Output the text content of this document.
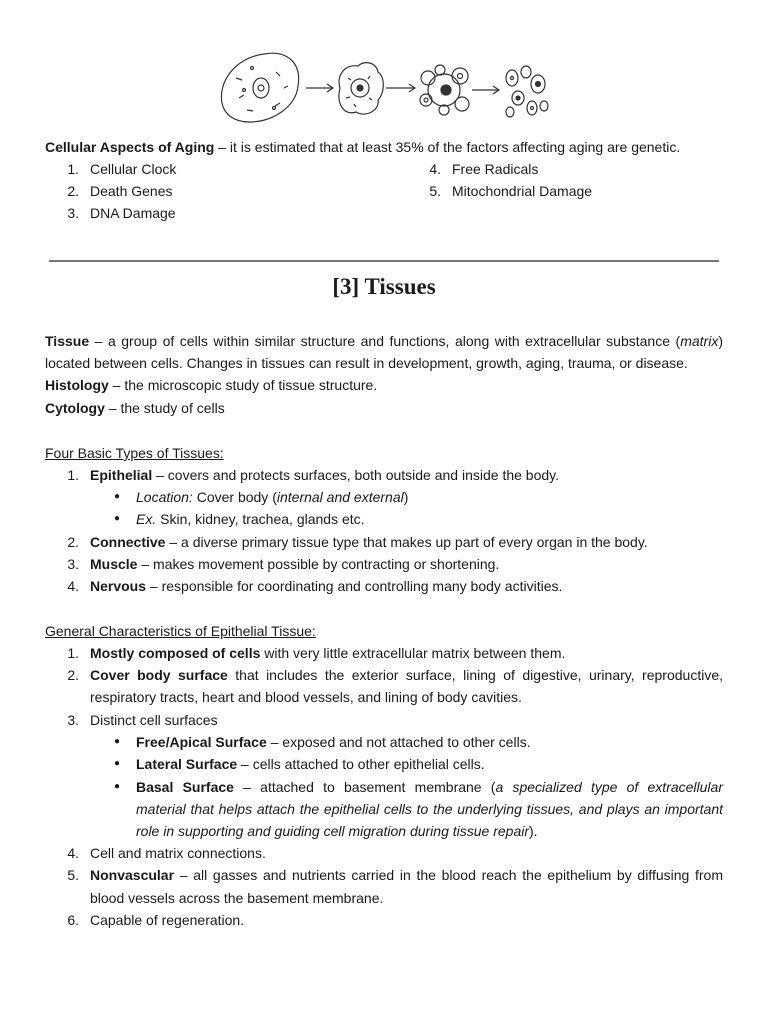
Cellular Aspects of Aging – it is estimated that at least 35% of the factors affecting aging are genetic.
1. Cellular Clock
2. Death Genes
3. DNA Damage
4. Free Radicals
5. Mitochondrial Damage
[3] Tissues
Tissue – a group of cells within similar structure and functions, along with extracellular substance (matrix)
located between cells. Changes in tissues can result in development, growth, aging, trauma, or disease.
Histology – the microscopic study of tissue structure.
Cytology – the study of cells
Four Basic Types of Tissues:
1. Epithelial – covers and protects surfaces, both outside and inside the body.
● Location: Cover body (internal and external)
● Ex. Skin, kidney, trachea, glands etc.
2. Connective – a diverse primary tissue type that makes up part of every organ in the body.
3. Muscle – makes movement possible by contracting or shortening.
4. Nervous – responsible for coordinating and controlling many body activities.
General Characteristics of Epithelial Tissue:
1. Mostly composed of cells with very little extracellular matrix between them.
2. Cover body surface that includes the exterior surface, lining of digestive, urinary, reproductive,
respiratory tracts, heart and blood vessels, and lining of body cavities.
3. Distinct cell surfaces
● Free/Apical Surface – exposed and not attached to other cells.
● Lateral Surface – cells attached to other epithelial cells.
● Basal Surface – attached to basement membrane (a specialized type of extracellular
material that helps attach the epithelial cells to the underlying tissues, and plays an important
role in supporting and guiding cell migration during tissue repair).
4. Cell and matrix connections.
5. Nonvascular – all gasses and nutrients carried in the blood reach the epithelium by diffusing from
blood vessels across the basement membrane.
6. Capable of regeneration.
